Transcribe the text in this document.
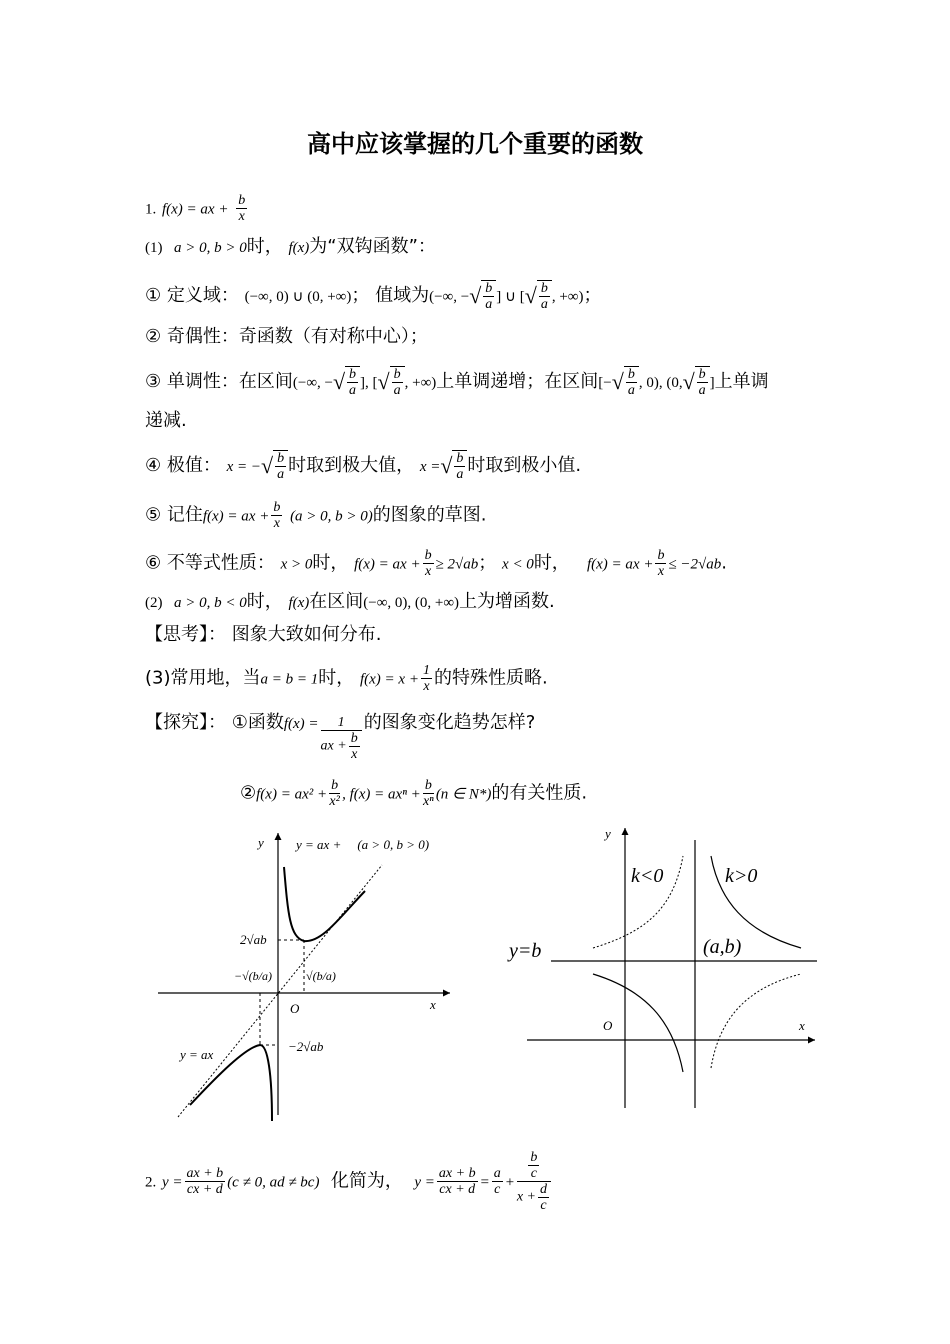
高中应该掌握的几个重要的函数
1. f(x) = ax + $\frac{b}{x}$
(1) a > 0, b > 0时， f(x)为“双钩函数”：
① 定义域： (−∞, 0) ∪ (0, +∞)； 值域为(−∞, −√ $\frac{b}{a}$ ] ∪ [√ $\frac{b}{a}$ , +∞)；
② 奇偶性：奇函数（有对称中心）；
③ 单调性：在区间(−∞, −√ $\frac{b}{a}$ ], [√ $\frac{b}{a}$ , +∞)上单调递增；在区间[−√ $\frac{b}{a}$ , 0), ($0,√ \frac{b}{a}$ ]上单调
递减.
④ 极值： x = −√ $\frac{b}{a}$ 时取到极大值， x =√ $\frac{b}{a}$ 时取到极小值.
⑤ 记住f(x) = ax + $\frac{b}{x} (a > 0$, b > 0)的图象的草图.
⑥ 不等式性质： x > 0时， f(x) = ax + $\frac{b}{x} \ge 2√ab$； x < 0时， f(x) = ax + $\frac{b}{x} \le -2√ab$.
(2) a > 0, b < 0时， f(x)在区间(−∞, 0), (0, +∞)上为增函数.
【思考】： 图象大致如何分布.
(3)常用地，当a = b = 1时， $f(x) = x + \frac{1}{x}$ 的特殊性质略.
【探究】： ①函数$f(x) = \frac{1}{ax + \frac{b}{x}}$ 的图象变化趋势怎样?
②f(x) = $ax^2 + \frac{b}{\text{x²}}$ , $f(x) = ax^n + \frac{b}{\text{xⁿ}} (n$ ∈ N*)的有关性质.
y
x
O
y = ax + (a > 0, b > 0)
y = ax
−2√ab
2√ab
−√(b/a)	√(b/a)
y
x
O
k<0	k>0
y=b	(a,b)
2. $y = \frac{ax + b}{cx + d} (c \ne 0$, ad ≠ bc) 化简为， $y = \frac{ax + b}{cx + d} = \frac{a}{c} + \frac{\frac{b}{c}}{x + \frac{d}{c}}$
